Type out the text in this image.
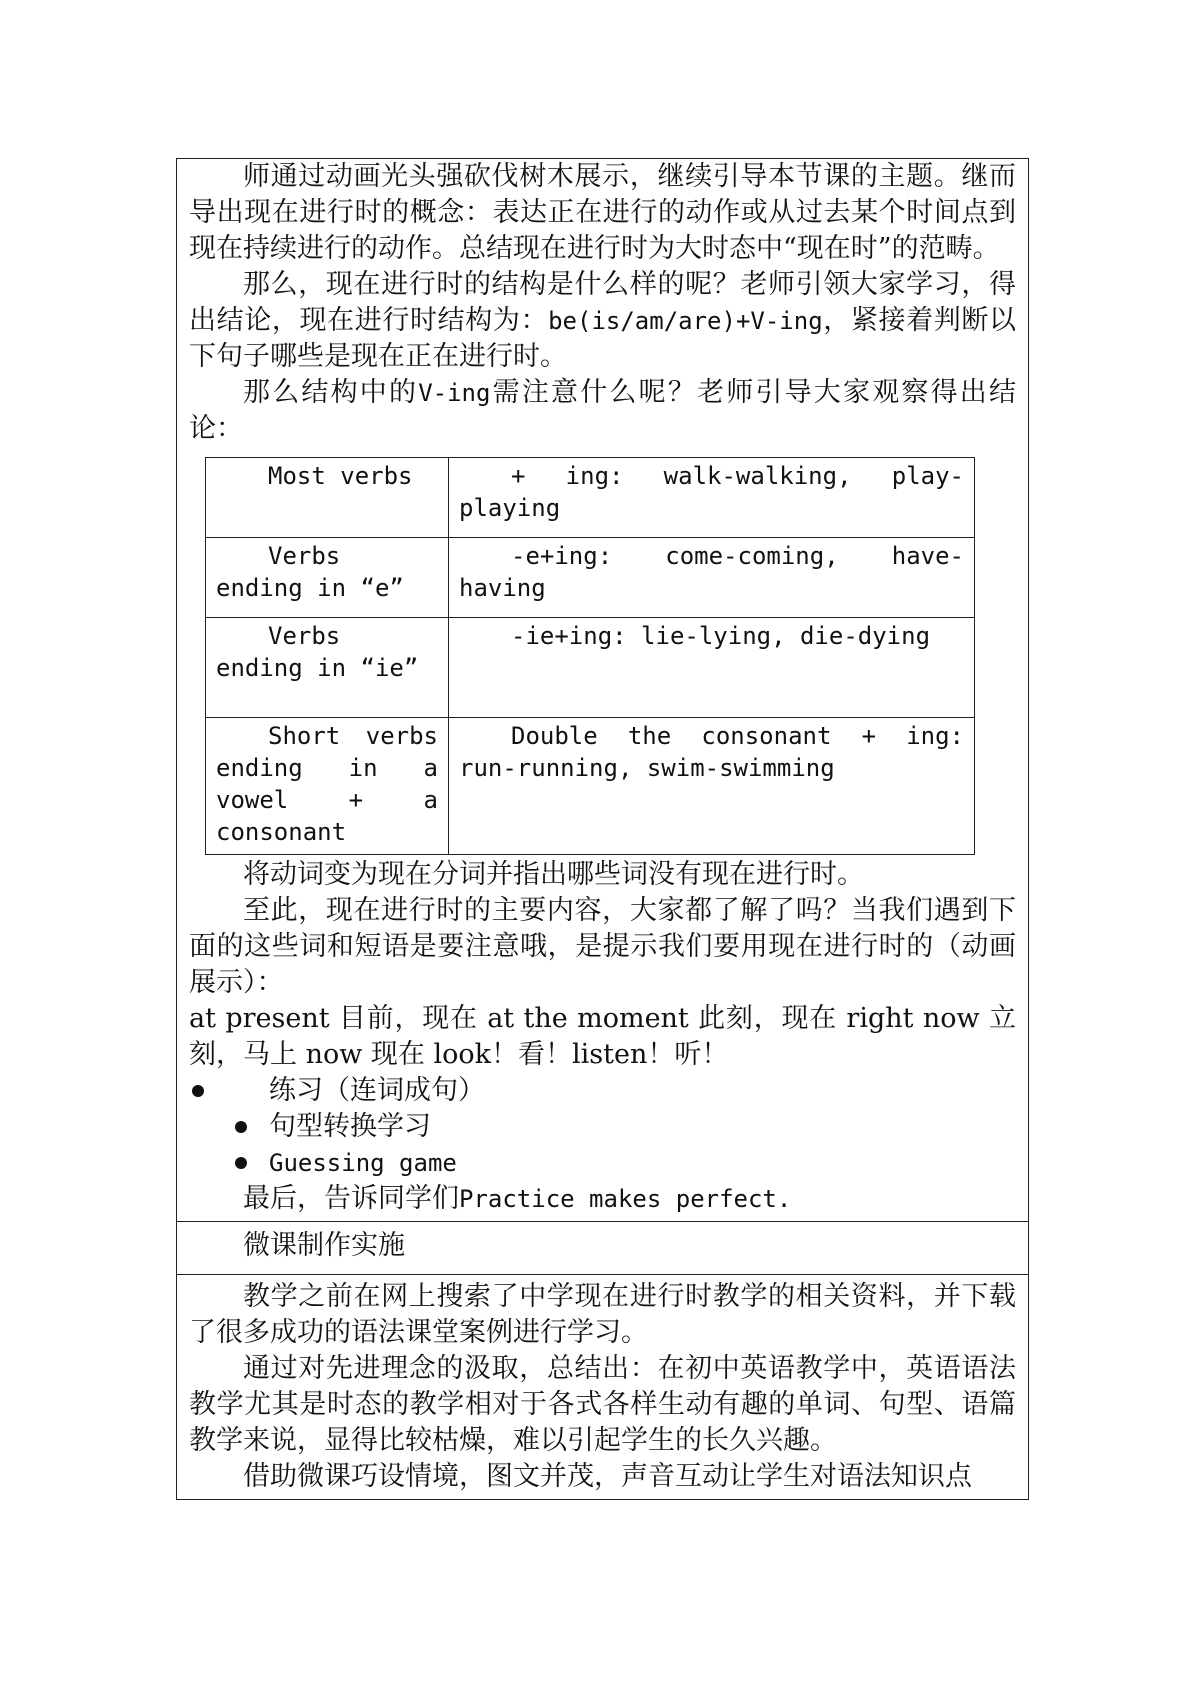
师通过动画光头强砍伐树木展示，继续引导本节课的主题。继而导出现在进行时的概念：表达正在进行的动作或从过去某个时间点到现在持续进行的动作。总结现在进行时为大时态中“现在时”的范畴。

那么，现在进行时的结构是什么样的呢？老师引领大家学习，得出结论，现在进行时结构为：be(is/am/are)+V-ing，紧接着判断以下句子哪些是现在正在进行时。

那么结构中的V-ing需注意什么呢？老师引导大家观察得出结论：

Most verbs	+ ing: walk-walking, play-playing
Verbs ending in “e”	-e+ing: come-coming, have-having
Verbs ending in “ie”	-ie+ing: lie-lying, die-dying
Short verbs ending in a vowel + a consonant	Double the consonant + ing: run-running, swim-swimming

将动词变为现在分词并指出哪些词没有现在进行时。

至此，现在进行时的主要内容，大家都了解了吗？当我们遇到下面的这些词和短语是要注意哦，是提示我们要用现在进行时的（动画展示）：

at present 目前，现在 at the moment 此刻，现在 right now 立刻，马上 now 现在 look！看！listen！听！

练习（连词成句）
句型转换学习
Guessing game

最后，告诉同学们Practice makes perfect.

微课制作实施

教学之前在网上搜索了中学现在进行时教学的相关资料，并下载了很多成功的语法课堂案例进行学习。

通过对先进理念的汲取，总结出：在初中英语教学中，英语语法教学尤其是时态的教学相对于各式各样生动有趣的单词、句型、语篇教学来说，显得比较枯燥，难以引起学生的长久兴趣。

借助微课巧设情境，图文并茂，声音互动让学生对语法知识点
